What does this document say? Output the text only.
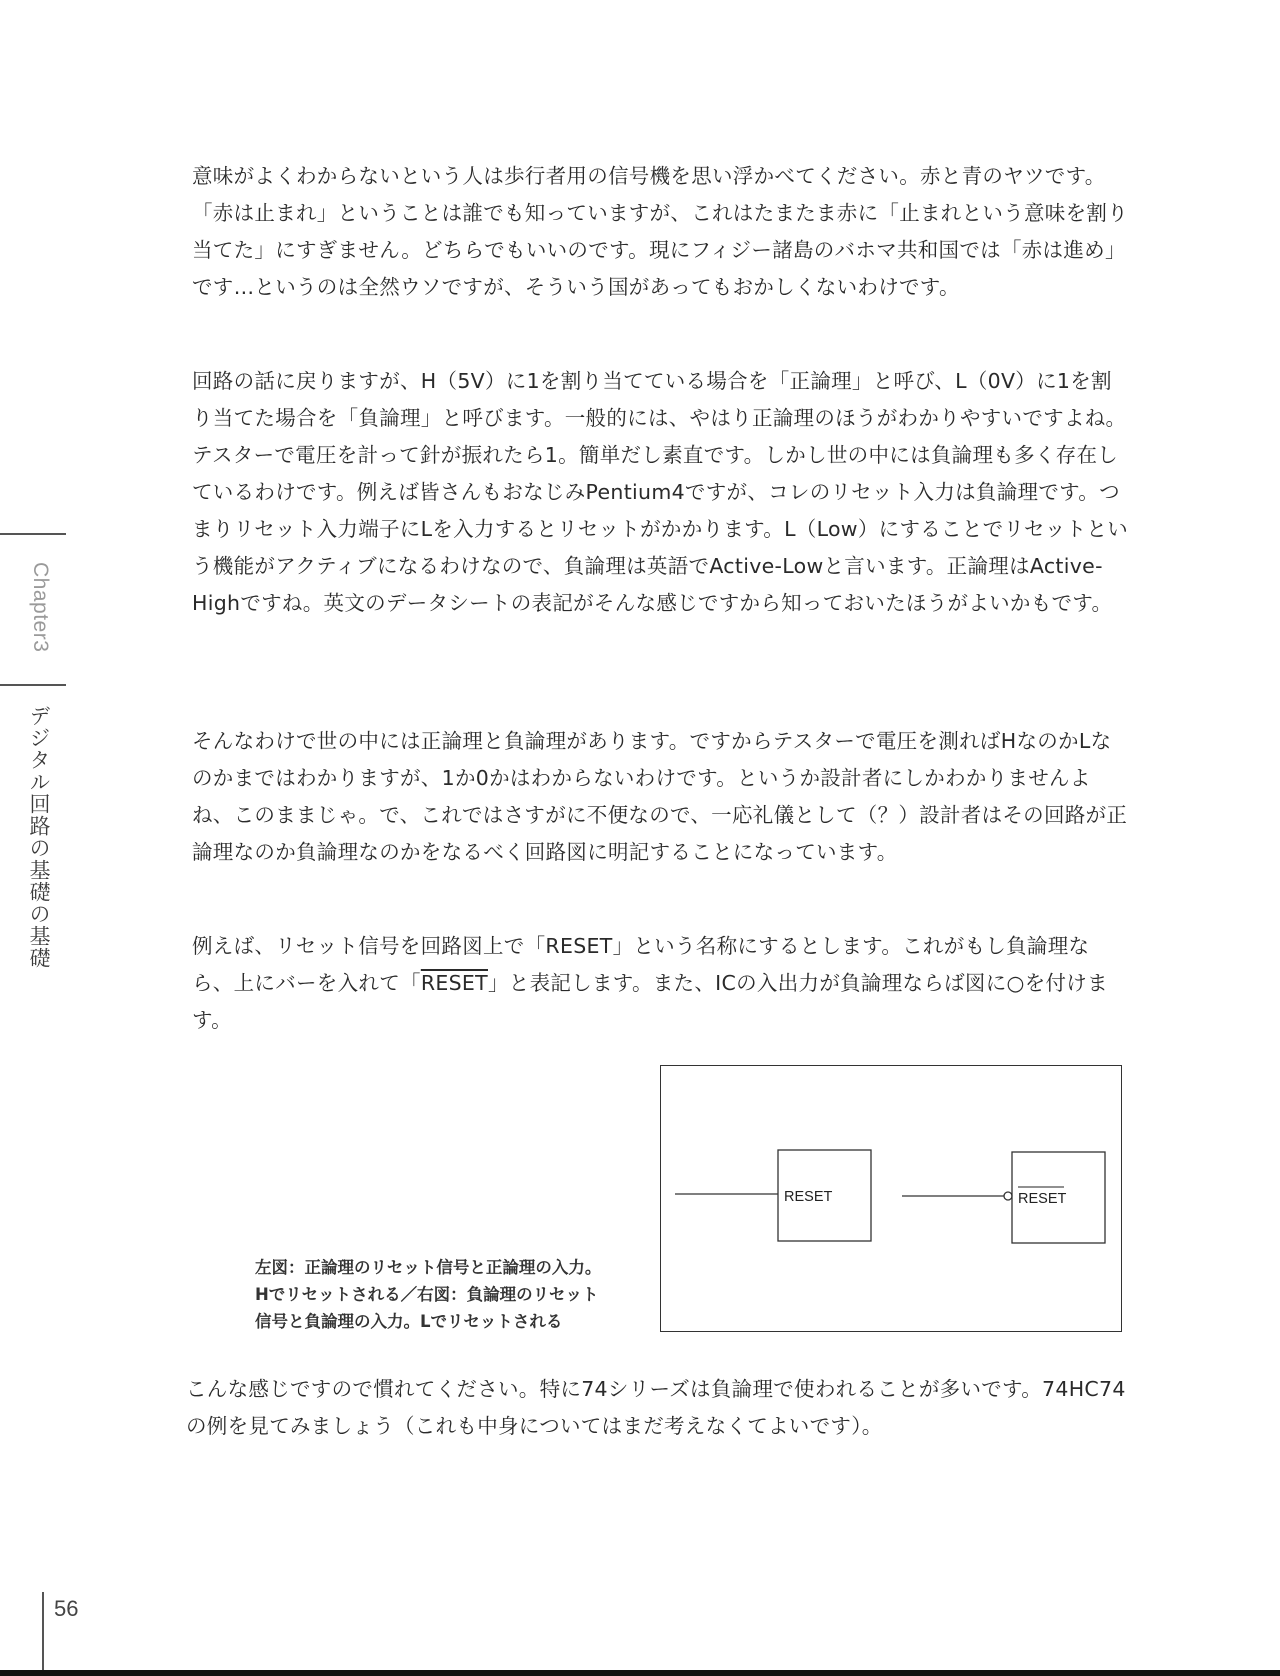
Chapter3
デジタル回路の基礎の基礎

意味がよくわからないという人は歩行者用の信号機を思い浮かべてください。赤と青のヤツです。「赤は止まれ」ということは誰でも知っていますが、これはたまたま赤に「止まれという意味を割り当てた」にすぎません。どちらでもいいのです。現にフィジー諸島のバホマ共和国では「赤は進め」です…というのは全然ウソですが、そういう国があってもおかしくないわけです。

回路の話に戻りますが、H（5V）に1を割り当てている場合を「正論理」と呼び、L（0V）に1を割り当てた場合を「負論理」と呼びます。一般的には、やはり正論理のほうがわかりやすいですよね。テスターで電圧を計って針が振れたら1。簡単だし素直です。しかし世の中には負論理も多く存在しているわけです。例えば皆さんもおなじみPentium4ですが、コレのリセット入力は負論理です。つまりリセット入力端子にLを入力するとリセットがかかります。L（Low）にすることでリセットという機能がアクティブになるわけなので、負論理は英語でActive-Lowと言います。正論理はActive-Highですね。英文のデータシートの表記がそんな感じですから知っておいたほうがよいかもです。

そんなわけで世の中には正論理と負論理があります。ですからテスターで電圧を測ればHなのかLなのかまではわかりますが、1か0かはわからないわけです。というか設計者にしかわかりませんよね、このままじゃ。で、これではさすがに不便なので、一応礼儀として（？）設計者はその回路が正論理なのか負論理なのかをなるべく回路図に明記することになっています。

例えば、リセット信号を回路図上で「RESET」という名称にするとします。これがもし負論理なら、上にバーを入れて「RESET」と表記します。また、ICの入出力が負論理ならば図に○を付けます。

左図：正論理のリセット信号と正論理の入力。
Hでリセットされる／右図：負論理のリセット
信号と負論理の入力。Lでリセットされる
RESET	RESET

こんな感じですので慣れてください。特に74シリーズは負論理で使われることが多いです。74HC74の例を見てみましょう（これも中身についてはまだ考えなくてよいです）。

56
